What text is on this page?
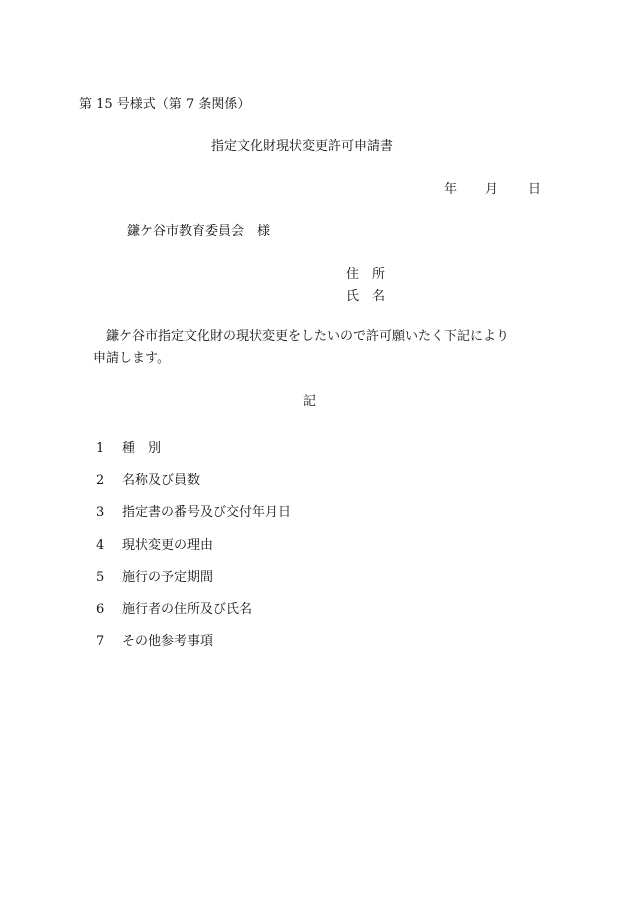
第 15 号様式（第 7 条関係）
指定文化財現状変更許可申請書
年 月 日
鎌ケ谷市教育委員会　様
住　所
氏　名
鎌ケ谷市指定文化財の現状変更をしたいので許可願いたく下記により
申請します。
記
1 種　別
2 名称及び員数
3 指定書の番号及び交付年月日
4 現状変更の理由
5 施行の予定期間
6 施行者の住所及び氏名
7 その他参考事項
